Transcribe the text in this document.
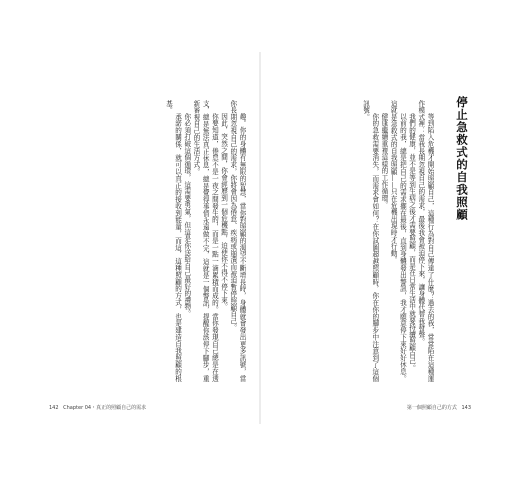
趣。你的身體有無限的智慧，當你對照顧的渴望不斷增長時，身體就會發出更多訊號，當你長期忽視自己的需求，你將會因為倦怠、疾病或崩潰而被迫暫停照顧自己。

因此，突然之間，你會經歷到一個危機點，迫使你不得不停下來。

你要知道，倦怠不是一夜之間發生的，而是一點一滴累積而成的。當你發現自己總是在透支，總是無法真正休息，總是覺得事情永遠做不完，這就是一個警訊，提醒你該停下腳步，重新審視自己的生活方式。

你必須打破這個循環，這需要勇氣，但這是你送給自己最好的禮物。

承諾的關係，就可以真正的接收到能量，而這，這種照顧的方式，也是建造自我照顧的根基。

142 Chapter 04・真正的照顧自己的需求

等到陷入危機才開始照顧自己，這種行為對自己傳達了什麼？過去的我，常常陷在這種運作模式裡：當我長期忽視自己的需求，最後我會被迫停下來，讓身體代替我發聲。

我們的健康，並不是等到生病之後才需要照顧，而是在日常生活中就要持續照顧自己。

以前的我，總是把自己的需求擺在最後，直到身體發出警訊，我才願意停下來好好休息。這就是急救式的自我照顧——只在危機出現時才行動。

健康繼續重複這樣的工作循環。

你的急救需要消失，而需求會如何？在你試圖超越照顧時，你在你的腳步中注意到了這個訊號。	停止急救式的自我照顧
第一個照顧自己的方式 143
